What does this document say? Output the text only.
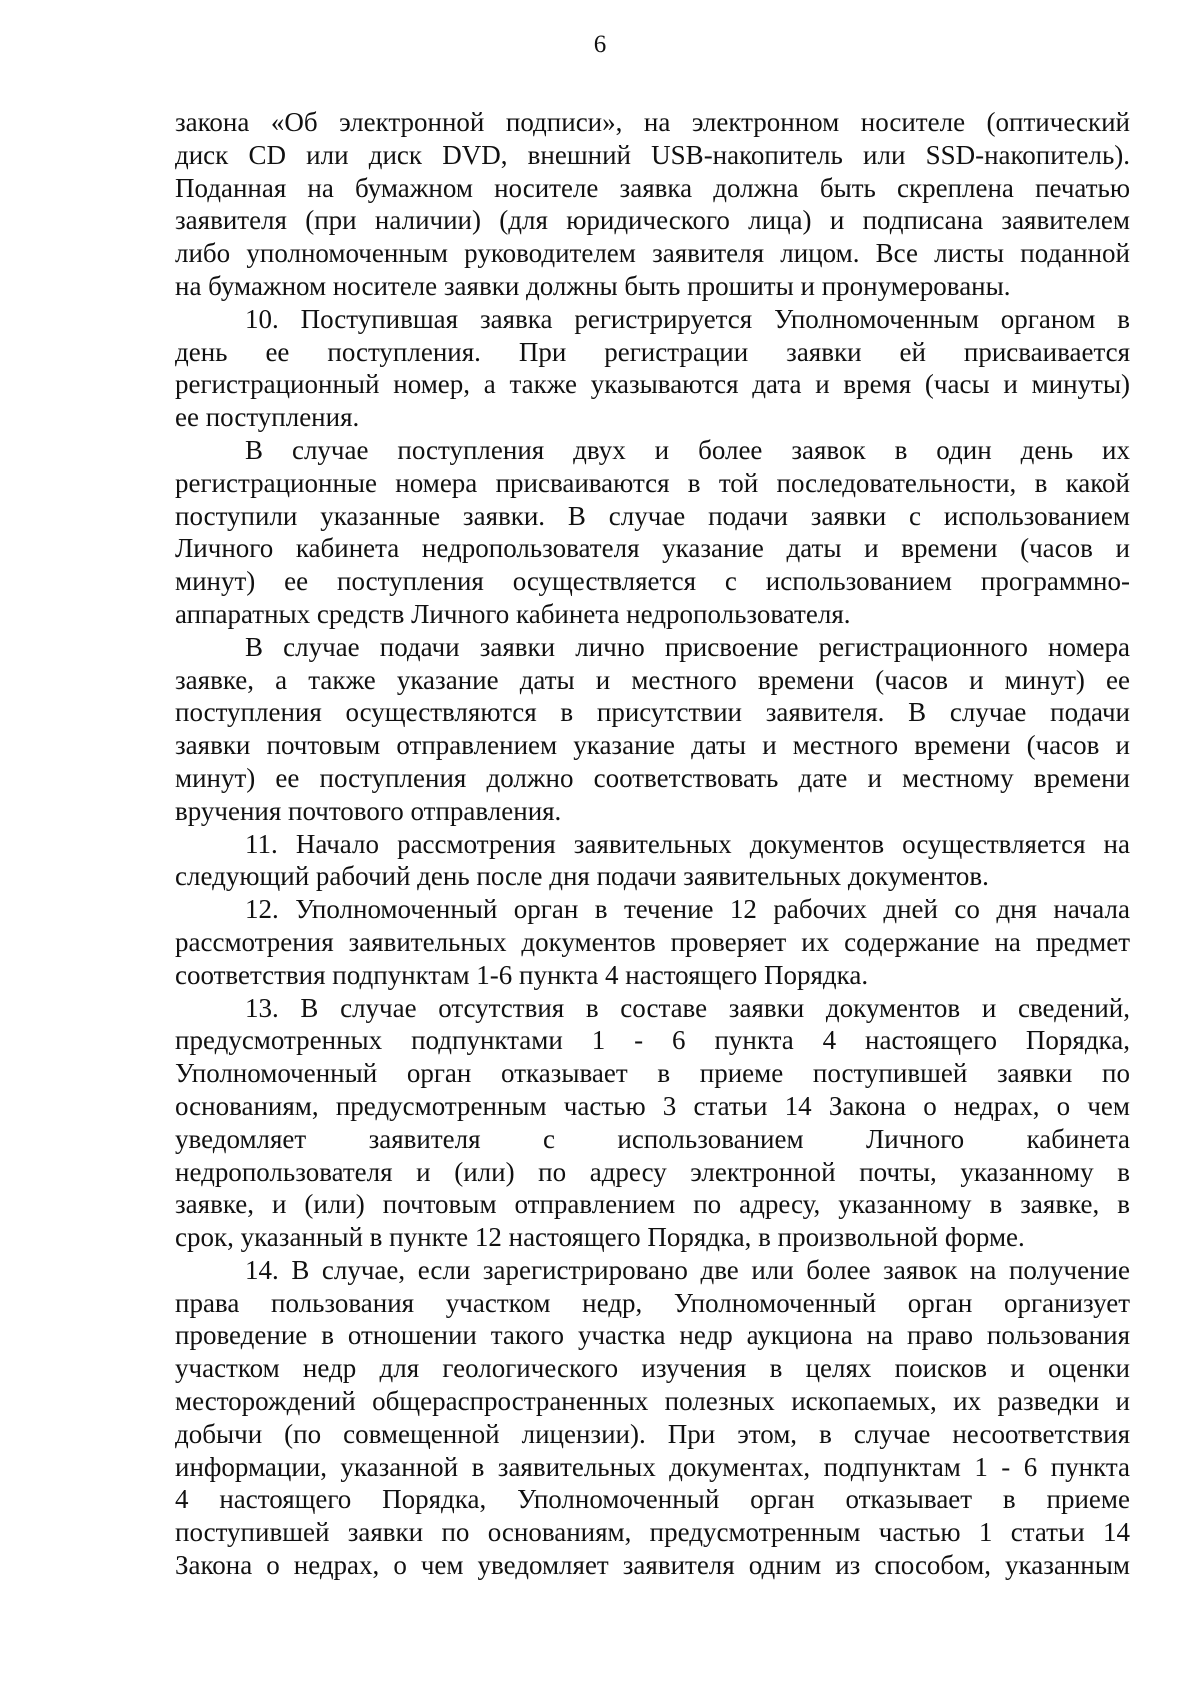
6
закона «Об электронной подписи», на электронном носителе (оптический
диск CD или диск DVD, внешний USB-накопитель или SSD-накопитель).
Поданная на бумажном носителе заявка должна быть скреплена печатью
заявителя (при наличии) (для юридического лица) и подписана заявителем
либо уполномоченным руководителем заявителя лицом. Все листы поданной
на бумажном носителе заявки должны быть прошиты и пронумерованы.
10. Поступившая заявка регистрируется Уполномоченным органом в
день ее поступления. При регистрации заявки ей присваивается
регистрационный номер, а также указываются дата и время (часы и минуты)
ее поступления.
В случае поступления двух и более заявок в один день их
регистрационные номера присваиваются в той последовательности, в какой
поступили указанные заявки. В случае подачи заявки с использованием
Личного кабинета недропользователя указание даты и времени (часов и
минут) ее поступления осуществляется с использованием программно-
аппаратных средств Личного кабинета недропользователя.
В случае подачи заявки лично присвоение регистрационного номера
заявке, а также указание даты и местного времени (часов и минут) ее
поступления осуществляются в присутствии заявителя. В случае подачи
заявки почтовым отправлением указание даты и местного времени (часов и
минут) ее поступления должно соответствовать дате и местному времени
вручения почтового отправления.
11. Начало рассмотрения заявительных документов осуществляется на
следующий рабочий день после дня подачи заявительных документов.
12. Уполномоченный орган в течение 12 рабочих дней со дня начала
рассмотрения заявительных документов проверяет их содержание на предмет
соответствия подпунктам 1-6 пункта 4 настоящего Порядка.
13. В случае отсутствия в составе заявки документов и сведений,
предусмотренных подпунктами 1 - 6 пункта 4 настоящего Порядка,
Уполномоченный орган отказывает в приеме поступившей заявки по
основаниям, предусмотренным частью 3 статьи 14 Закона о недрах, о чем
уведомляет заявителя с использованием Личного кабинета
недропользователя и (или) по адресу электронной почты, указанному в
заявке, и (или) почтовым отправлением по адресу, указанному в заявке, в
срок, указанный в пункте 12 настоящего Порядка, в произвольной форме.
14. В случае, если зарегистрировано две или более заявок на получение
права пользования участком недр, Уполномоченный орган организует
проведение в отношении такого участка недр аукциона на право пользования
участком недр для геологического изучения в целях поисков и оценки
месторождений общераспространенных полезных ископаемых, их разведки и
добычи (по совмещенной лицензии). При этом, в случае несоответствия
информации, указанной в заявительных документах, подпунктам 1 - 6 пункта
4 настоящего Порядка, Уполномоченный орган отказывает в приеме
поступившей заявки по основаниям, предусмотренным частью 1 статьи 14
Закона о недрах, о чем уведомляет заявителя одним из способом, указанным
